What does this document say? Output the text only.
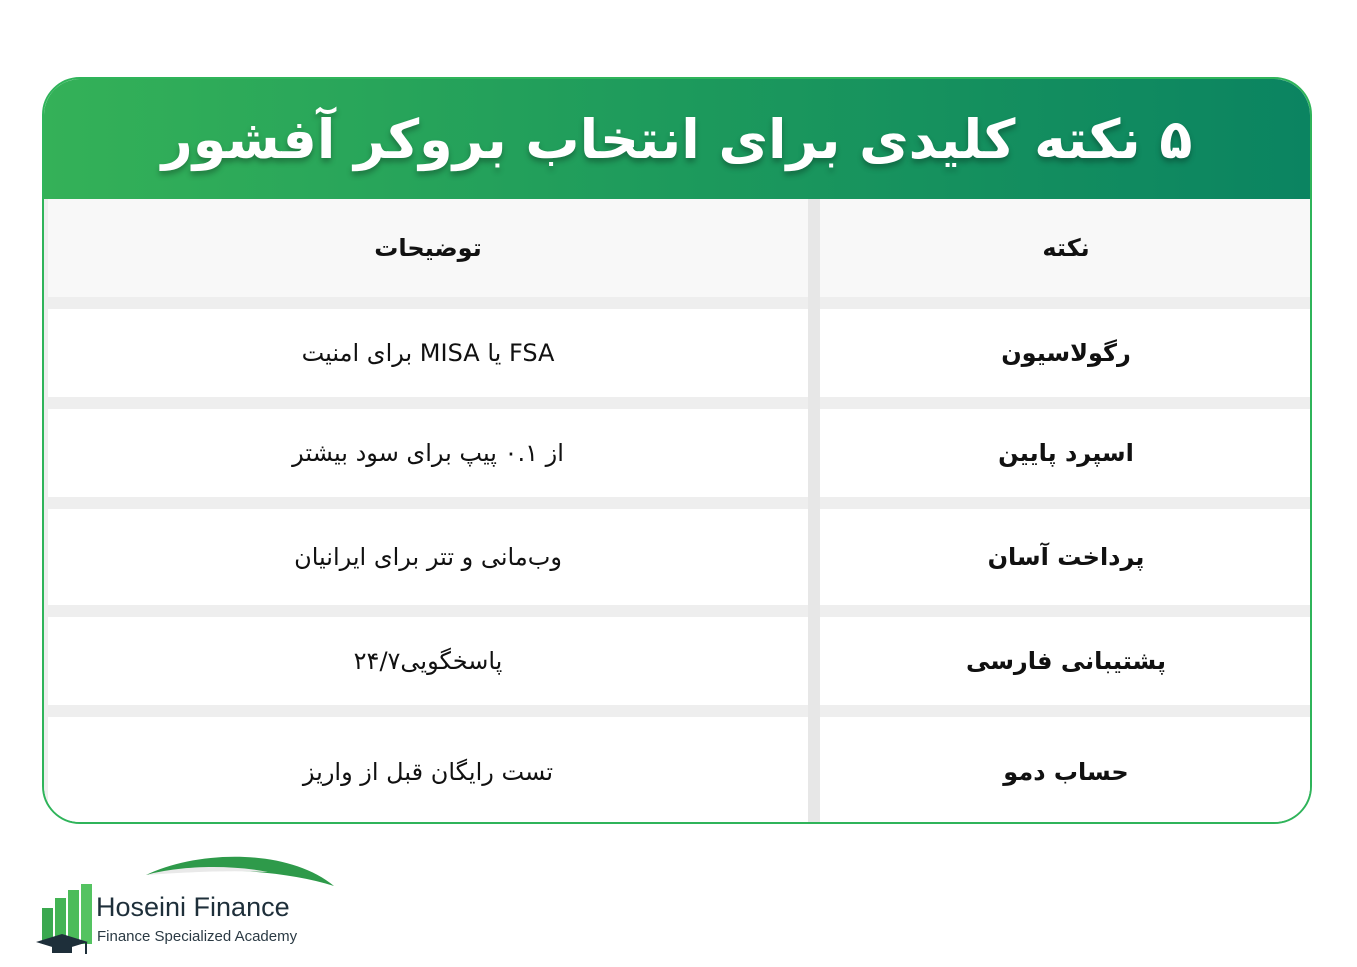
۵ نکته کلیدی برای انتخاب بروکر آفشور
نکته
توضیحات
رگولاسیون
FSA یا MISA برای امنیت
اسپرد پایین
از ۰.۱ پیپ برای سود بیشتر
پرداخت آسان
وب‌مانی و تتر برای ایرانیان
پشتیبانی فارسی
پاسخگویی۲۴/۷
حساب دمو
تست رایگان قبل از واریز
Hoseini Finance
Finance Specialized Academy
